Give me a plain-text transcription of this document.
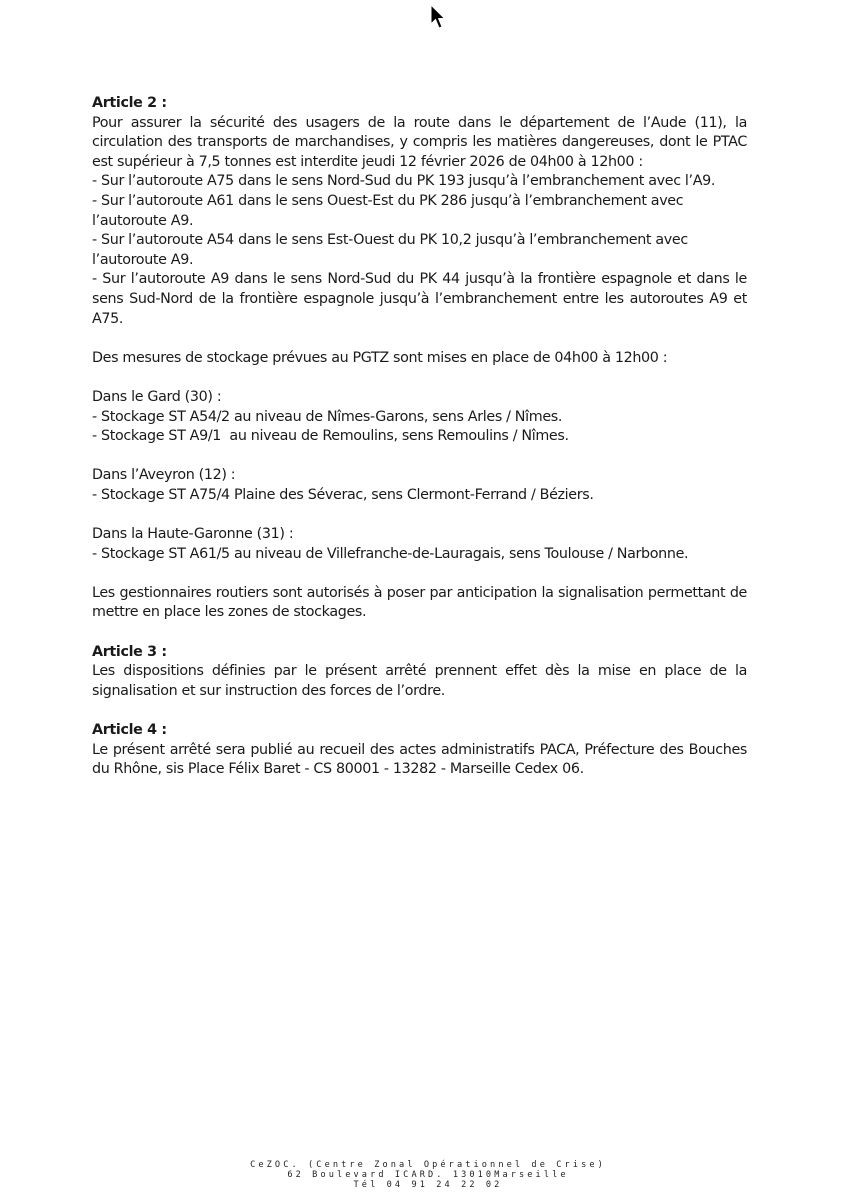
Article 2 :

Pour assurer la sécurité des usagers de la route dans le département de l’Aude (11), la circulation des transports de marchandises, y compris les matières dangereuses, dont le PTAC est supérieur à 7,5 tonnes est interdite jeudi 12 février 2026 de 04h00 à 12h00 :

- Sur l’autoroute A75 dans le sens Nord-Sud du PK 193 jusqu’à l’embranchement avec l’A9.

- Sur l’autoroute A61 dans le sens Ouest-Est du PK 286 jusqu’à l’embranchement avec l’autoroute A9.

- Sur l’autoroute A54 dans le sens Est-Ouest du PK 10,2 jusqu’à l’embranchement avec l’autoroute A9.

- Sur l’autoroute A9 dans le sens Nord-Sud du PK 44 jusqu’à la frontière espagnole et dans le sens Sud-Nord de la frontière espagnole jusqu’à l’embranchement entre les autoroutes A9 et A75.

Des mesures de stockage prévues au PGTZ sont mises en place de 04h00 à 12h00 :

Dans le Gard (30) :

- Stockage ST A54/2 au niveau de Nîmes-Garons, sens Arles / Nîmes.

- Stockage ST A9/1  au niveau de Remoulins, sens Remoulins / Nîmes.

Dans l’Aveyron (12) :

- Stockage ST A75/4 Plaine des Séverac, sens Clermont-Ferrand / Béziers.

Dans la Haute-Garonne (31) :

- Stockage ST A61/5 au niveau de Villefranche-de-Lauragais, sens Toulouse / Narbonne.

Les gestionnaires routiers sont autorisés à poser par anticipation la signalisation permettant de mettre en place les zones de stockages.

Article 3 :

Les dispositions définies par le présent arrêté prennent effet dès la mise en place de la signalisation et sur instruction des forces de l’ordre.

Article 4 :

Le présent arrêté sera publié au recueil des actes administratifs PACA, Préfecture des Bouches du Rhône, sis Place Félix Baret - CS 80001 - 13282 - Marseille Cedex 06.

CeZOC. (Centre Zonal Opérationnel de Crise)
62 Boulevard ICARD. 13010Marseille
Tél 04 91 24 22 02
